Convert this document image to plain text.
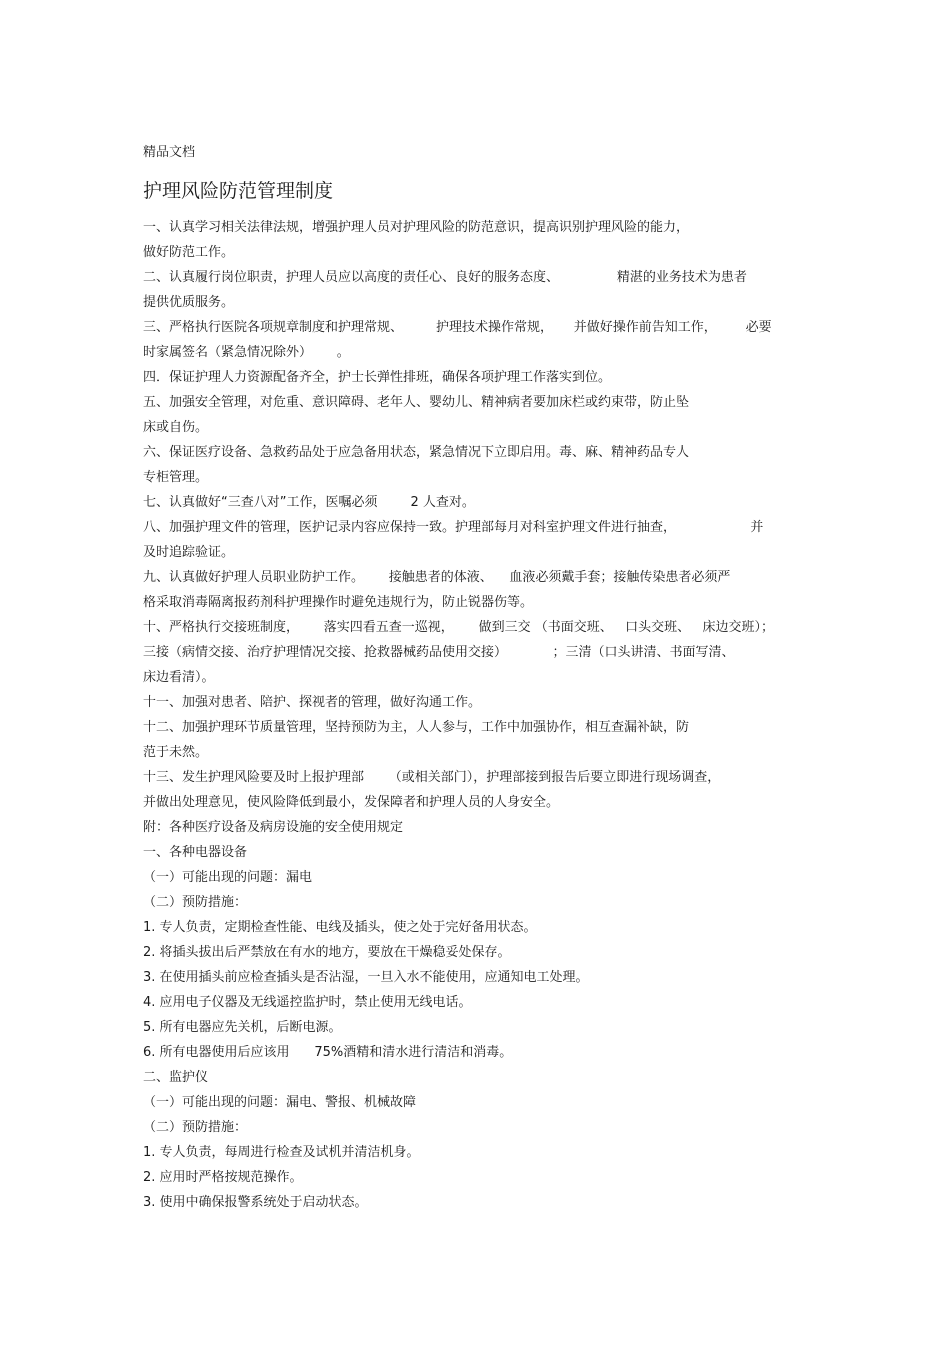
精品文档
护理风险防范管理制度
一、认真学习相关法律法规，增强护理人员对护理风险的防范意识，提高识别护理风险的能力，
做好防范工作。
二、认真履行岗位职责，护理人员应以高度的责任心、良好的服务态度、              精湛的业务技术为患者
提供优质服务。
三、严格执行医院各项规章制度和护理常规、        护理技术操作常规，     并做好操作前告知工作，       必要
时家属签名（紧急情况除外）      。
四．保证护理人力资源配备齐全，护士长弹性排班，确保各项护理工作落实到位。
五、加强安全管理，对危重、意识障碍、老年人、婴幼儿、精神病者要加床栏或约束带，防止坠
床或自伤。
六、保证医疗设备、急救药品处于应急备用状态，紧急情况下立即启用。毒、麻、精神药品专人
专柜管理。
七、认真做好“三查八对”工作，医嘱必须        2 人查对。
八、加强护理文件的管理，医护记录内容应保持一致。护理部每月对科室护理文件进行抽查，                  并
及时追踪验证。
九、认真做好护理人员职业防护工作。      接触患者的体液、    血液必须戴手套；接触传染患者必须严
格采取消毒隔离报药剂科护理操作时避免违规行为，防止锐器伤等。
十、严格执行交接班制度，      落实四看五查一巡视，      做到三交 （书面交班、   口头交班、   床边交班）；
三接（病情交接、治疗护理情况交接、抢救器械药品使用交接）           ；三清（口头讲清、书面写清、
床边看清）。
十一、加强对患者、陪护、探视者的管理，做好沟通工作。
十二、加强护理环节质量管理，坚持预防为主，人人参与，工作中加强协作，相互查漏补缺，防
范于未然。
十三、发生护理风险要及时上报护理部      （或相关部门），护理部接到报告后要立即进行现场调查，
并做出处理意见，使风险降低到最小，发保障者和护理人员的人身安全。
附：各种医疗设备及病房设施的安全使用规定
一、各种电器设备
（一）可能出现的问题：漏电
（二）预防措施：
1. 专人负责，定期检查性能、电线及插头，使之处于完好备用状态。
2. 将插头拔出后严禁放在有水的地方，要放在干燥稳妥处保存。
3. 在使用插头前应检查插头是否沾湿，一旦入水不能使用，应通知电工处理。
4. 应用电子仪器及无线遥控监护时，禁止使用无线电话。
5. 所有电器应先关机，后断电源。
6. 所有电器使用后应该用      75%酒精和清水进行清洁和消毒。
二、监护仪
（一）可能出现的问题：漏电、警报、机械故障
（二）预防措施：
1. 专人负责，每周进行检查及试机并清洁机身。
2. 应用时严格按规范操作。
3. 使用中确保报警系统处于启动状态。
